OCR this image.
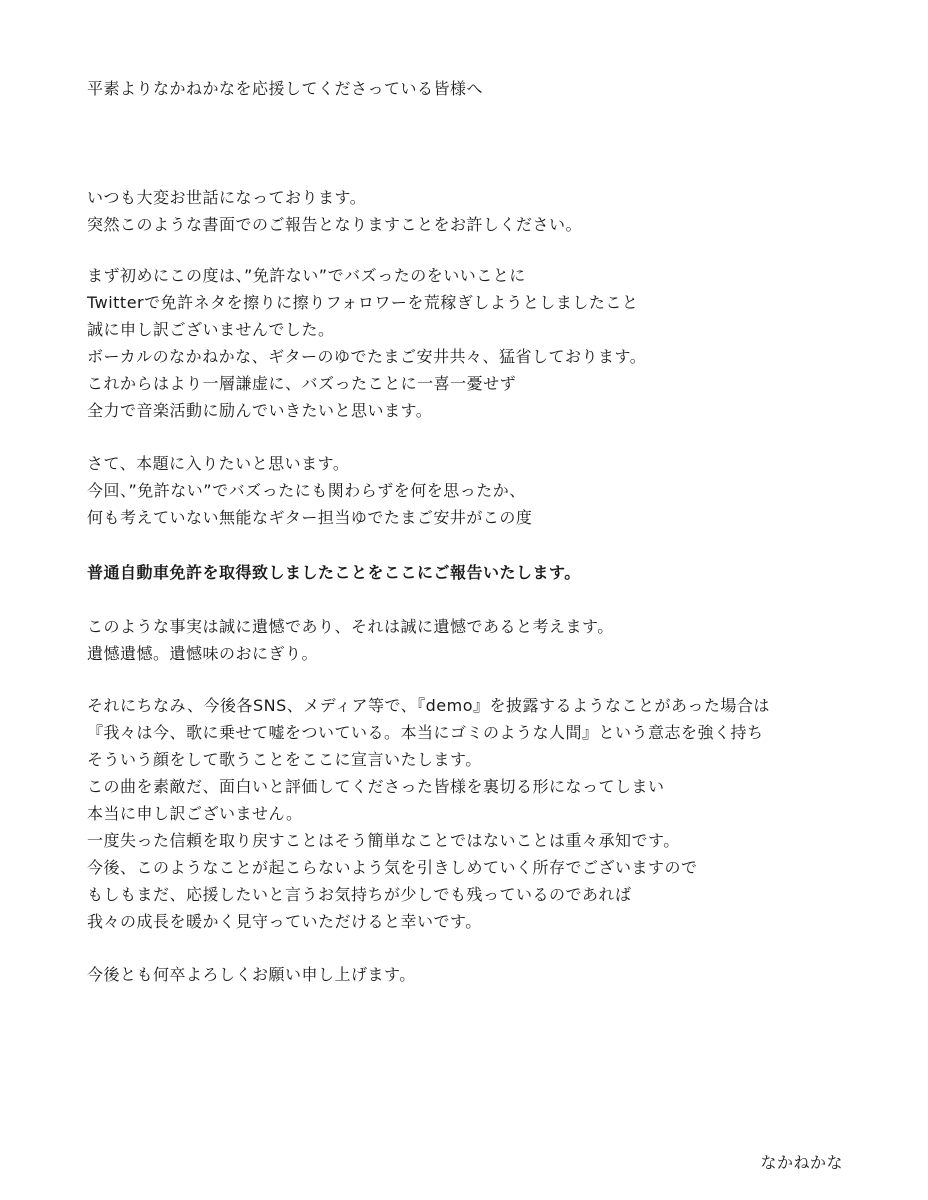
平素よりなかねかなを応援してくださっている皆様へ
いつも大変お世話になっております。
突然このような書面でのご報告となりますことをお許しください。
まず初めにこの度は、”免許ない”でバズったのをいいことに
Twitterで免許ネタを擦りに擦りフォロワーを荒稼ぎしようとしましたこと
誠に申し訳ございませんでした。
ボーカルのなかねかな、ギターのゆでたまご安井共々、猛省しております。
これからはより一層謙虚に、バズったことに一喜一憂せず
全力で音楽活動に励んでいきたいと思います。
さて、本題に入りたいと思います。
今回、”免許ない”でバズったにも関わらずを何を思ったか、
何も考えていない無能なギター担当ゆでたまご安井がこの度
普通自動車免許を取得致しましたことをここにご報告いたします。
このような事実は誠に遺憾であり、それは誠に遺憾であると考えます。
遺憾遺憾。遺憾味のおにぎり。
それにちなみ、今後各SNS、メディア等で、『demo』を披露するようなことがあった場合は
『我々は今、歌に乗せて嘘をついている。本当にゴミのような人間』という意志を強く持ち
そういう顔をして歌うことをここに宣言いたします。
この曲を素敵だ、面白いと評価してくださった皆様を裏切る形になってしまい
本当に申し訳ございません。
一度失った信頼を取り戻すことはそう簡単なことではないことは重々承知です。
今後、このようなことが起こらないよう気を引きしめていく所存でございますので
もしもまだ、応援したいと言うお気持ちが少しでも残っているのであれば
我々の成長を暖かく見守っていただけると幸いです。
今後とも何卒よろしくお願い申し上げます。
なかねかな
